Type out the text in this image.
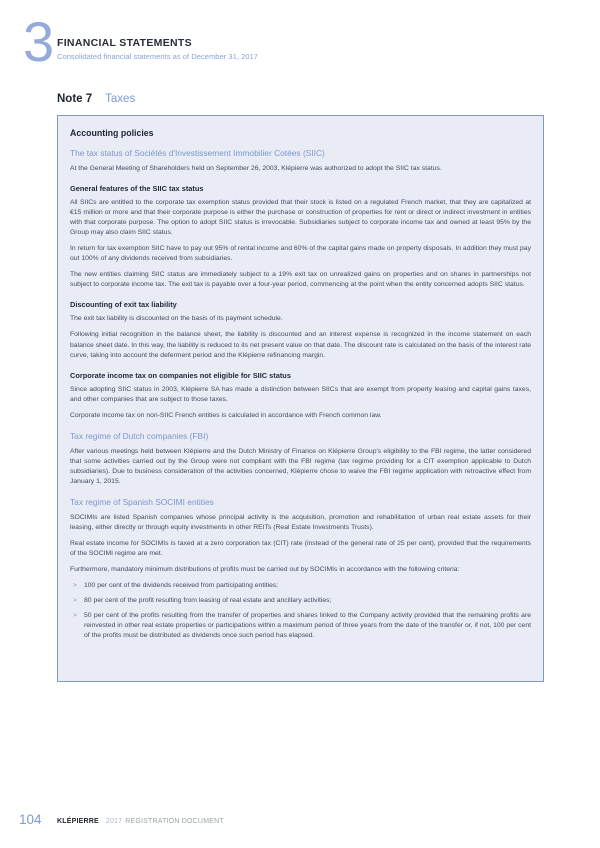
3 FINANCIAL STATEMENTS
Consolidated financial statements as of December 31, 2017
Note 7 Taxes
Accounting policies
The tax status of Sociétés d'Investissement Immobilier Cotées (SIIC)
At the General Meeting of Shareholders held on September 26, 2003, Klépierre was authorized to adopt the SIIC tax status.
General features of the SIIC tax status
All SIICs are entitled to the corporate tax exemption status provided that their stock is listed on a regulated French market, that they are capitalized at €15 million or more and that their corporate purpose is either the purchase or construction of properties for rent or direct or indirect investment in entities with that corporate purpose. The option to adopt SIIC status is irrevocable. Subsidiaries subject to corporate income tax and owned at least 95% by the Group may also claim SIIC status.
In return for tax exemption SIIC have to pay out 95% of rental income and 60% of the capital gains made on property disposals. In addition they must pay out 100% of any dividends received from subsidiaries.
The new entities claiming SIIC status are immediately subject to a 19% exit tax on unrealized gains on properties and on shares in partnerships not subject to corporate income tax. The exit tax is payable over a four-year period, commencing at the point when the entity concerned adopts SIIC status.
Discounting of exit tax liability
The exit tax liability is discounted on the basis of its payment schedule.
Following initial recognition in the balance sheet, the liability is discounted and an interest expense is recognized in the income statement on each balance sheet date. In this way, the liability is reduced to its net present value on that date. The discount rate is calculated on the basis of the interest rate curve, taking into account the deferment period and the Klépierre refinancing margin.
Corporate income tax on companies not eligible for SIIC status
Since adopting SIIC status in 2003, Klépierre SA has made a distinction between SIICs that are exempt from property leasing and capital gains taxes, and other companies that are subject to those taxes.
Corporate income tax on non-SIIC French entities is calculated in accordance with French common law.
Tax regime of Dutch companies (FBI)
After various meetings held between Klépierre and the Dutch Ministry of Finance on Klépierre Group's eligibility to the FBI regime, the latter considered that some activities carried out by the Group were not compliant with the FBI regime (tax regime providing for a CIT exemption applicable to Dutch subsidiaries). Due to business consideration of the activities concerned, Klépierre chose to waive the FBI regime application with retroactive effect from January 1, 2015.
Tax regime of Spanish SOCIMI entities
SOCIMIs are listed Spanish companies whose principal activity is the acquisition, promotion and rehabilitation of urban real estate assets for their leasing, either directly or through equity investments in other REITs (Real Estate Investments Trusts).
Real estate income for SOCIMIs is taxed at a zero corporation tax (CIT) rate (instead of the general rate of 25 per cent), provided that the requirements of the SOCIMI regime are met.
Furthermore, mandatory minimum distributions of profits must be carried out by SOCIMIs in accordance with the following criteria:
>	100 per cent of the dividends received from participating entities;
>	80 per cent of the profit resulting from leasing of real estate and ancillary activities;
>	50 per cent of the profits resulting from the transfer of properties and shares linked to the Company activity provided that the remaining profits are reinvested in other real estate properties or participations within a maximum period of three years from the date of the transfer or, if not, 100 per cent of the profits must be distributed as dividends once such period has elapsed.
104 KLÉPIERRE 2017 REGISTRATION DOCUMENT
